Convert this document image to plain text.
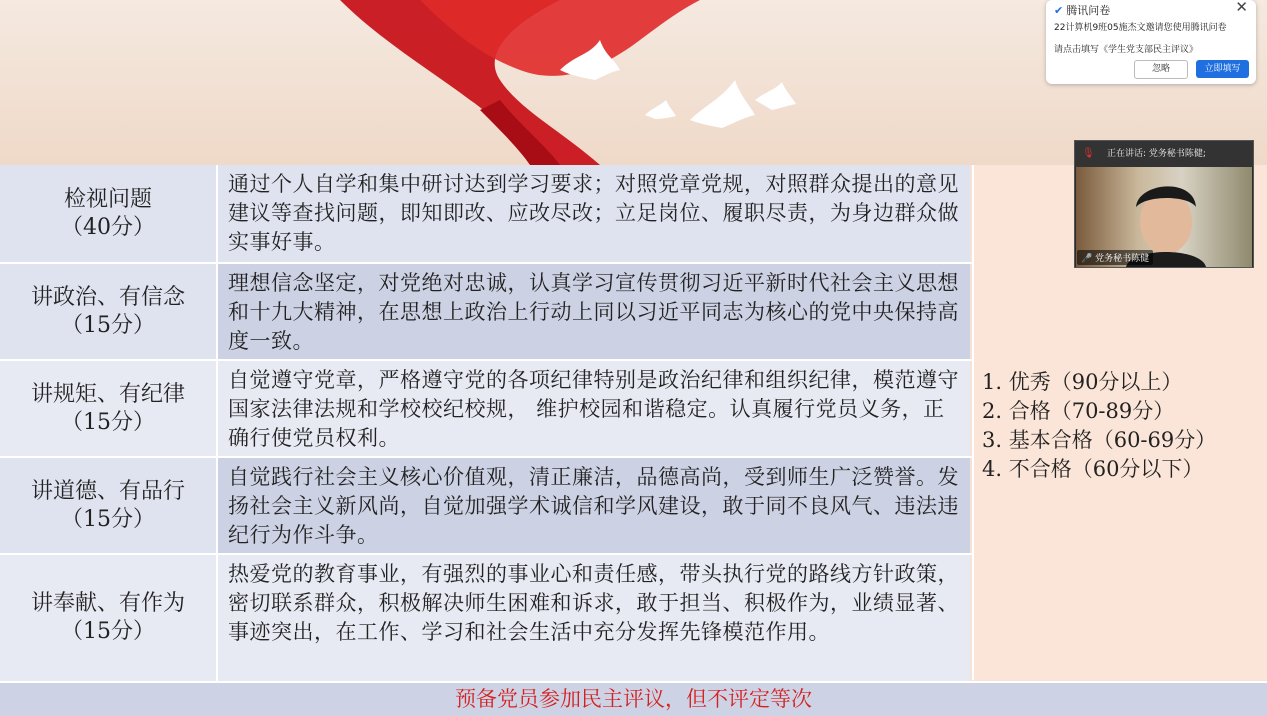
检视问题
（40分）
通过个人自学和集中研讨达到学习要求；对照党章党规，对照群众提出的意见建议等查找问题，即知即改、应改尽改；立足岗位、履职尽责，为身边群众做实事好事。
讲政治、有信念
（15分）
理想信念坚定，对党绝对忠诚，认真学习宣传贯彻习近平新时代社会主义思想和十九大精神，在思想上政治上行动上同以习近平同志为核心的党中央保持高度一致。
讲规矩、有纪律
（15分）
自觉遵守党章，严格遵守党的各项纪律特别是政治纪律和组织纪律，模范遵守国家法律法规和学校校纪校规， 维护校园和谐稳定。认真履行党员义务，正确行使党员权利。
讲道德、有品行
（15分）
自觉践行社会主义核心价值观，清正廉洁，品德高尚，受到师生广泛赞誉。发扬社会主义新风尚，自觉加强学术诚信和学风建设，敢于同不良风气、违法违纪行为作斗争。
讲奉献、有作为
（15分）
热爱党的教育事业，有强烈的事业心和责任感，带头执行党的路线方针政策，密切联系群众，积极解决师生困难和诉求，敢于担当、积极作为，业绩显著、事迹突出，在工作、学习和社会生活中充分发挥先锋模范作用。
1. 优秀（90分以上）
2. 合格（70-89分）
3. 基本合格（60-69分）
4. 不合格（60分以下）
预备党员参加民主评议，但不评定等次
✔ 腾讯问卷	✕
22计算机9班05施杰文邀请您使用腾讯问卷
请点击填写《学生党支部民主评议》
忽略	立即填写
🎙 正在讲话: 党务秘书陈健;
🎤 党务秘书陈健
